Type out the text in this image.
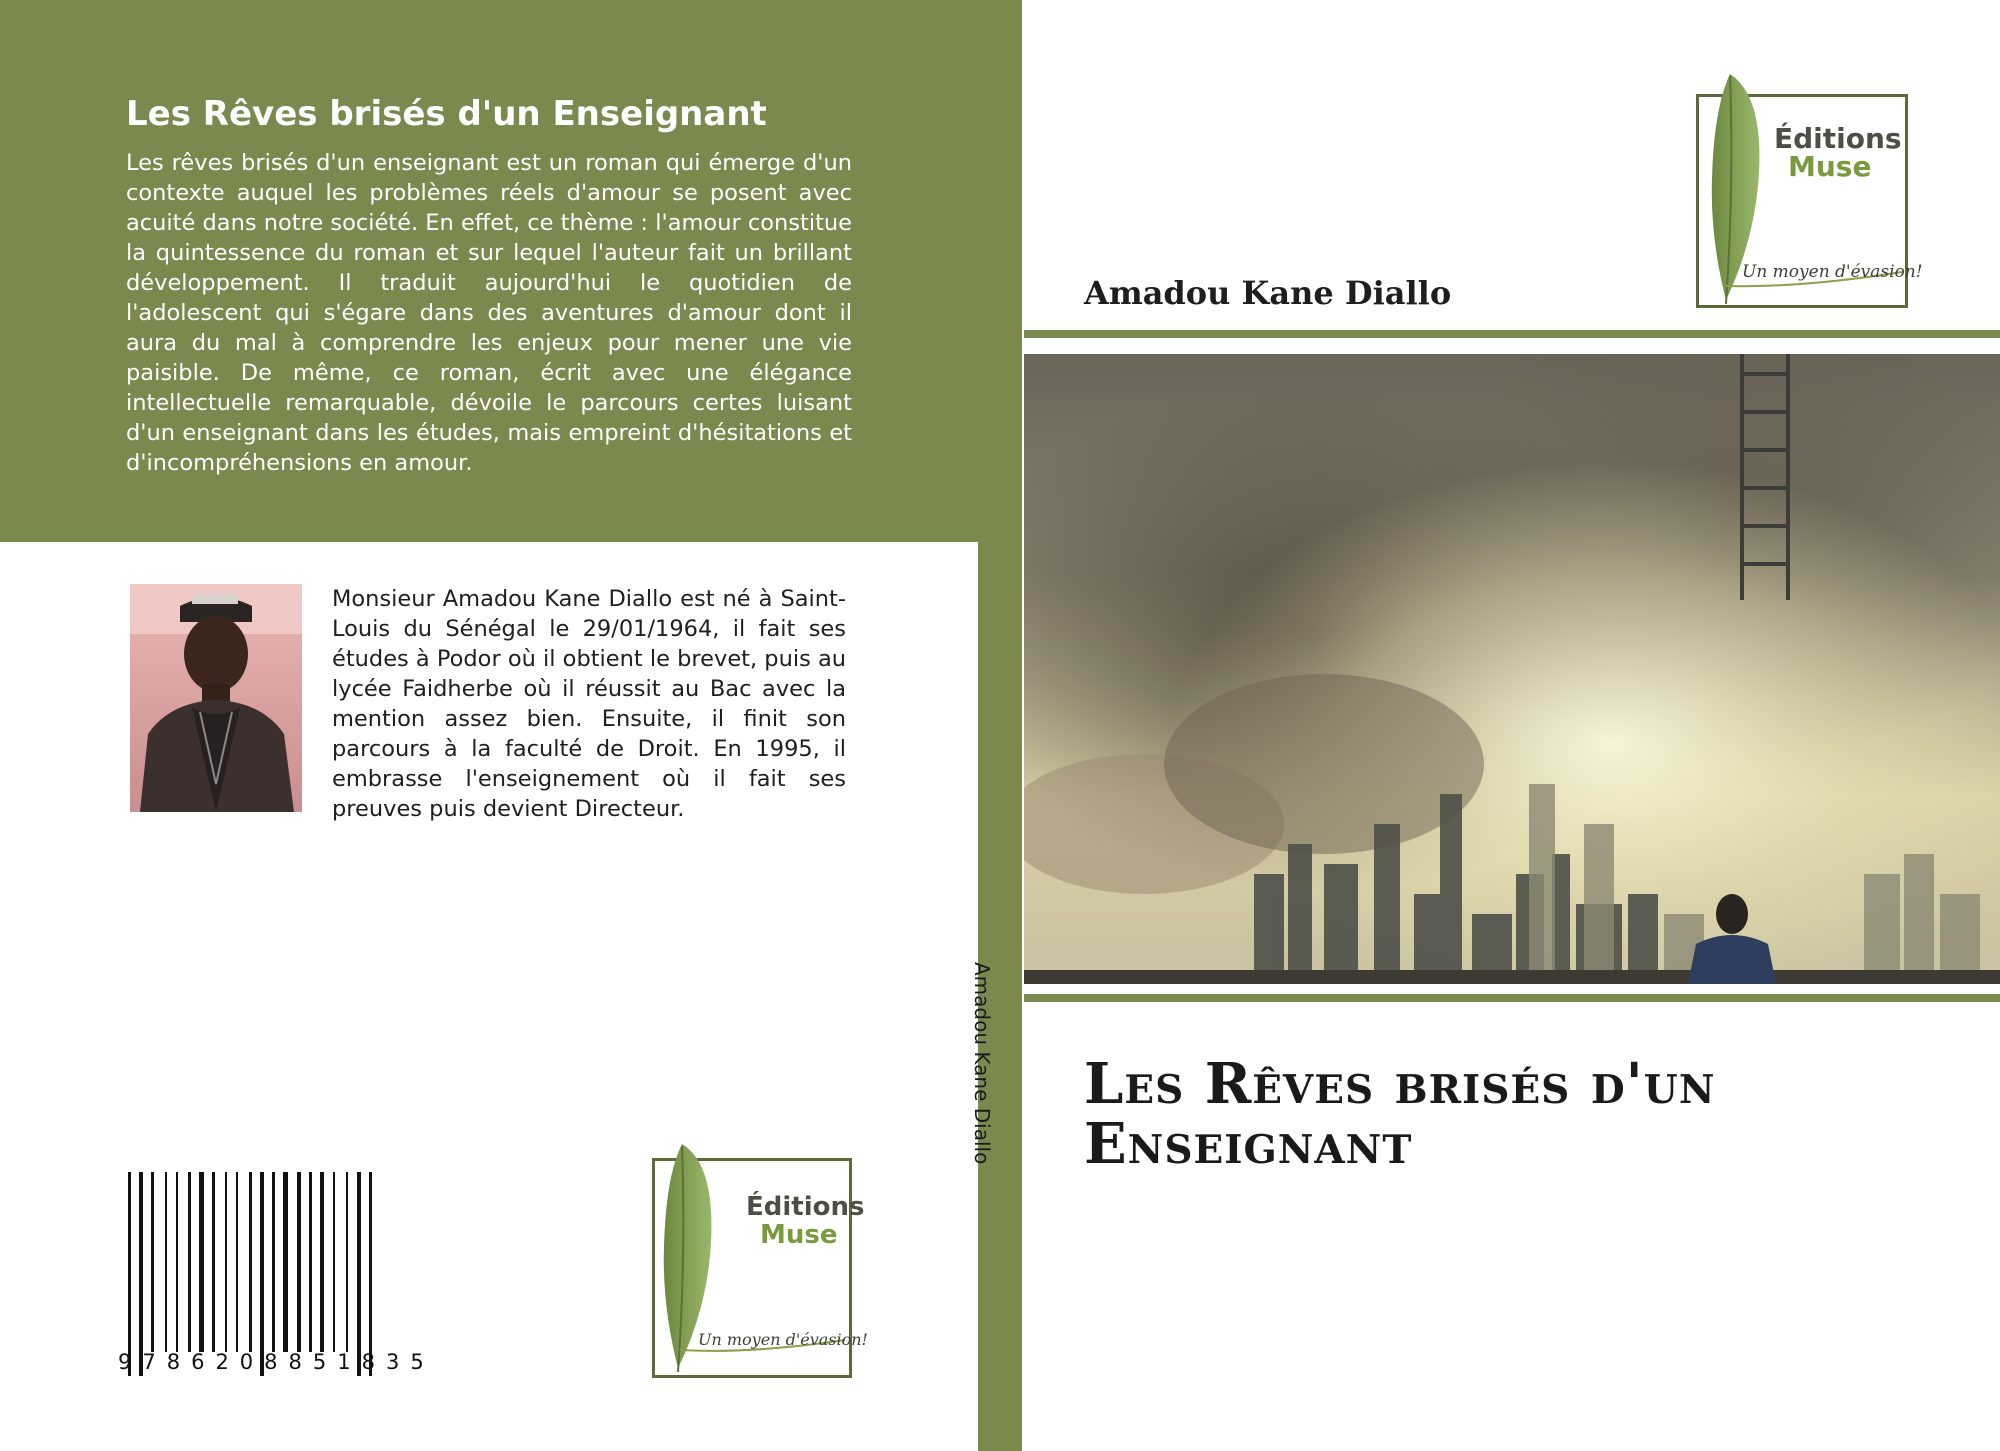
Les Rêves brisés d'un Enseignant

Les rêves brisés d'un enseignant est un roman qui émerge d'un contexte auquel les problèmes réels d'amour se posent avec acuité dans notre société. En effet, ce thème : l'amour constitue la quintessence du roman et sur lequel l'auteur fait un brillant développement. Il traduit aujourd'hui le quotidien de l'adolescent qui s'égare dans des aventures d'amour dont il aura du mal à comprendre les enjeux pour mener une vie paisible. De même, ce roman, écrit avec une élégance intellectuelle remarquable, dévoile le parcours certes luisant d'un enseignant dans les études, mais empreint d'hésitations et d'incompréhensions en amour.

Monsieur Amadou Kane Diallo est né à Saint-Louis du Sénégal le 29/01/1964, il fait ses études à Podor où il obtient le brevet, puis au lycée Faidherbe où il réussit au Bac avec la mention assez bien. Ensuite, il finit son parcours à la faculté de Droit. En 1995, il embrasse l'enseignement où il fait ses preuves puis devient Directeur.

9786208851835
Éditions
Muse
Un moyen d'évasion!
Amadou Kane Diallo
Éditions
Muse
Un moyen d'évasion!
Amadou Kane Diallo
Les Rêves brisés d'un Enseignant
